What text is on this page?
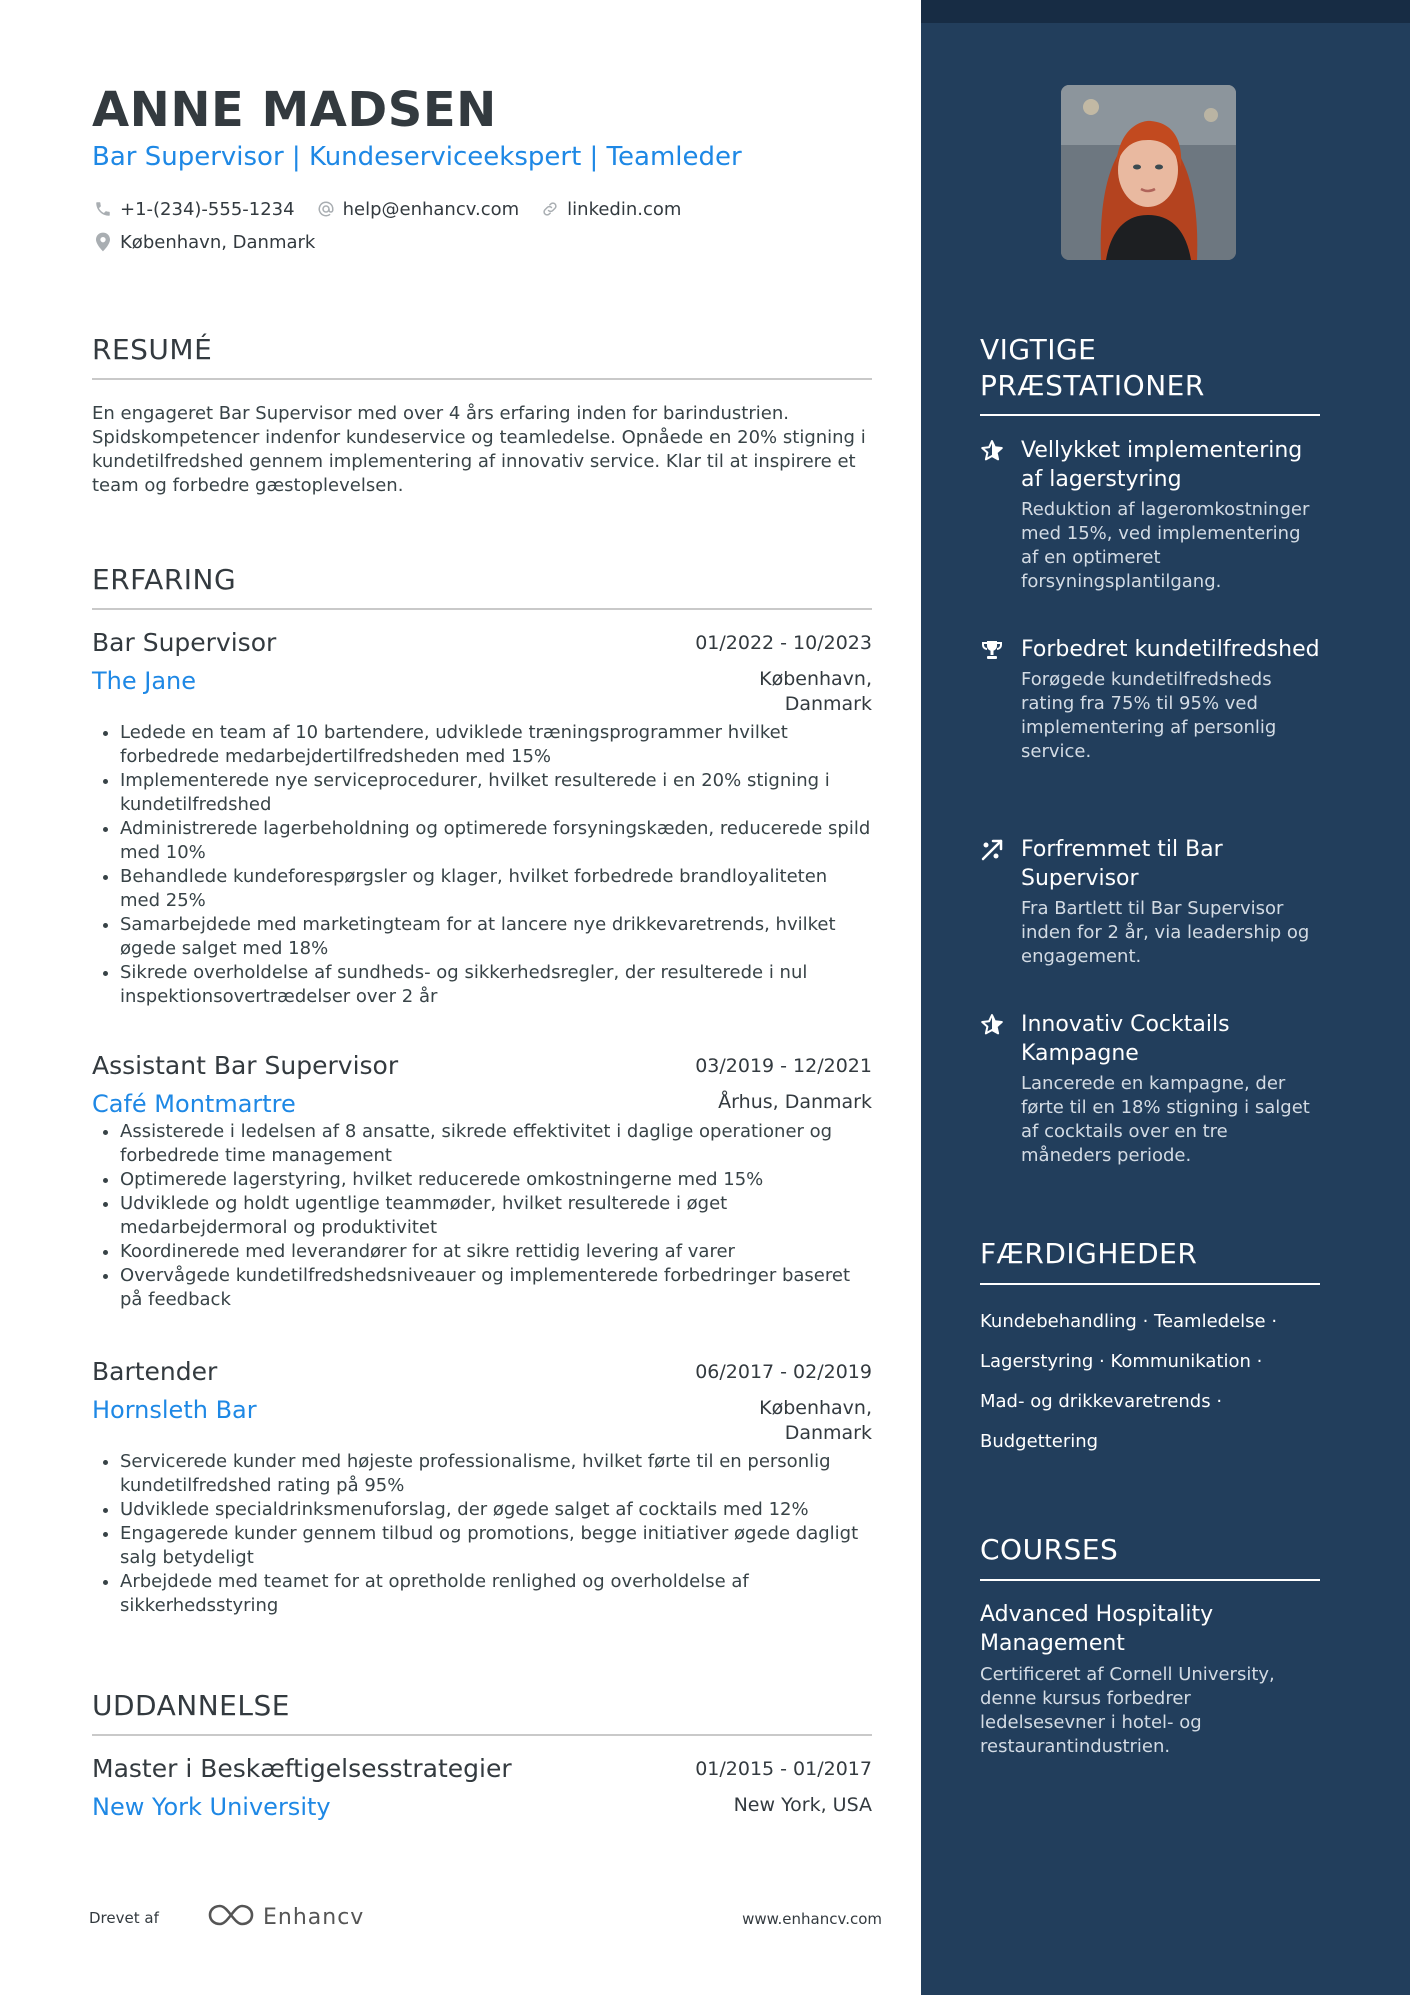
ANNE MADSEN
Bar Supervisor | Kundeserviceekspert | Teamleder
+1-(234)-555-1234	help@enhancv.com	linkedin.com
København, Danmark
RESUMÉ
En engageret Bar Supervisor med over 4 års erfaring inden for barindustrien. Spidskompetencer indenfor kundeservice og teamledelse. Opnåede en 20% stigning i kundetilfredshed gennem implementering af innovativ service. Klar til at inspirere et team og forbedre gæstoplevelsen.
ERFARING
Bar Supervisor	01/2022 - 10/2023
The Jane	København, Danmark
• Ledede en team af 10 bartendere, udviklede træningsprogrammer hvilket forbedrede medarbejdertilfredsheden med 15%
• Implementerede nye serviceprocedurer, hvilket resulterede i en 20% stigning i kundetilfredshed
• Administrerede lagerbeholdning og optimerede forsyningskæden, reducerede spild med 10%
• Behandlede kundeforespørgsler og klager, hvilket forbedrede brandloyaliteten med 25%
• Samarbejdede med marketingteam for at lancere nye drikkevaretrends, hvilket øgede salget med 18%
• Sikrede overholdelse af sundheds- og sikkerhedsregler, der resulterede i nul inspektionsovertrædelser over 2 år
Assistant Bar Supervisor	03/2019 - 12/2021
Café Montmartre	Århus, Danmark
• Assisterede i ledelsen af 8 ansatte, sikrede effektivitet i daglige operationer og forbedrede time management
• Optimerede lagerstyring, hvilket reducerede omkostningerne med 15%
• Udviklede og holdt ugentlige teammøder, hvilket resulterede i øget medarbejdermoral og produktivitet
• Koordinerede med leverandører for at sikre rettidig levering af varer
• Overvågede kundetilfredshedsniveauer og implementerede forbedringer baseret på feedback
Bartender	06/2017 - 02/2019
Hornsleth Bar	København, Danmark
• Servicerede kunder med højeste professionalisme, hvilket førte til en personlig kundetilfredshed rating på 95%
• Udviklede specialdrinksmenuforslag, der øgede salget af cocktails med 12%
• Engagerede kunder gennem tilbud og promotions, begge initiativer øgede dagligt salg betydeligt
• Arbejdede med teamet for at opretholde renlighed og overholdelse af sikkerhedsstyring
UDDANNELSE
Master i Beskæftigelsesstrategier	01/2015 - 01/2017
New York University	New York, USA
Drevet af	Enhancv	www.enhancv.com
VIGTIGE PRÆSTATIONER
Vellykket implementering af lagerstyring
Reduktion af lageromkostninger med 15%, ved implementering af en optimeret forsyningsplantilgang.
Forbedret kundetilfredshed
Forøgede kundetilfredsheds rating fra 75% til 95% ved implementering af personlig service.
Forfremmet til Bar Supervisor
Fra Bartlett til Bar Supervisor inden for 2 år, via leadership og engagement.
Innovativ Cocktails Kampagne
Lancerede en kampagne, der førte til en 18% stigning i salget af cocktails over en tre måneders periode.
FÆRDIGHEDER
Kundebehandling · Teamledelse ·
Lagerstyring · Kommunikation ·
Mad- og drikkevaretrends ·
Budgettering
COURSES
Advanced Hospitality Management
Certificeret af Cornell University, denne kursus forbedrer ledelsesevner i hotel- og restaurantindustrien.
